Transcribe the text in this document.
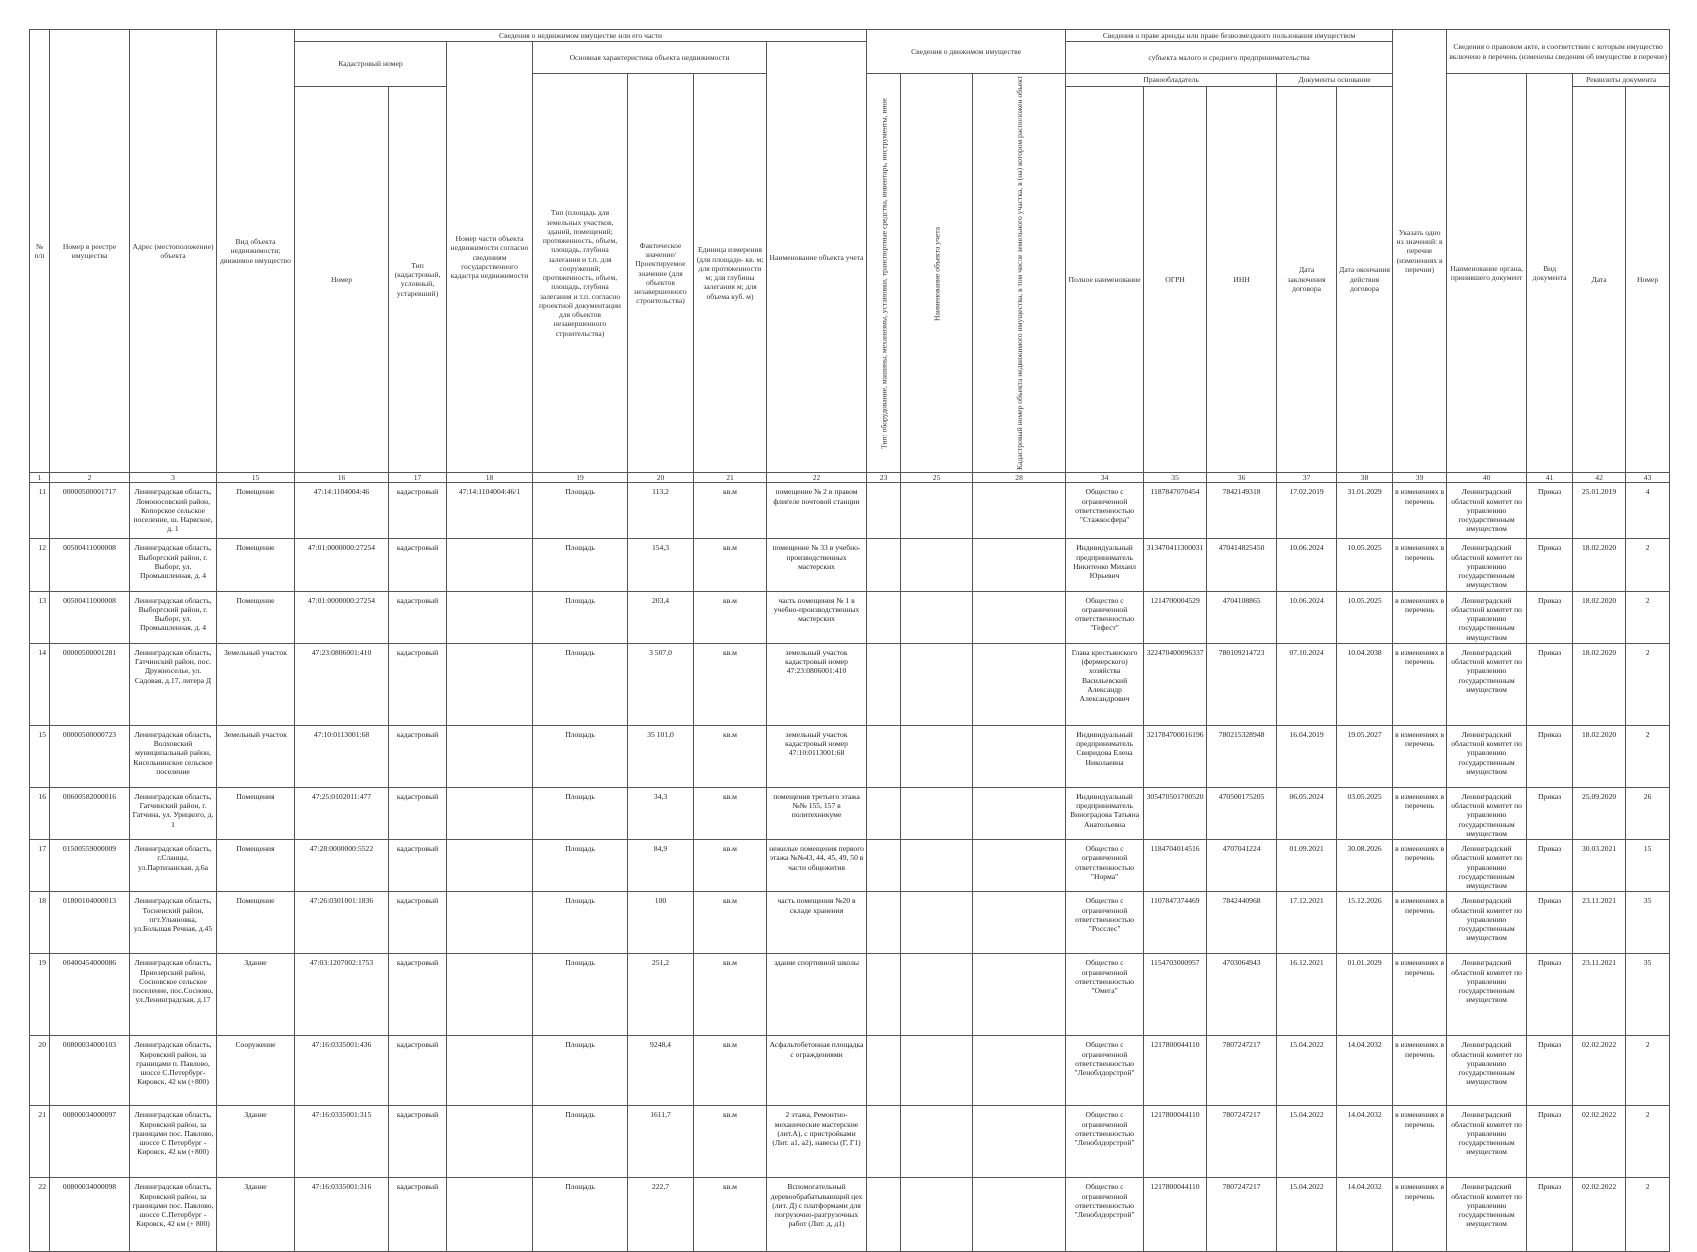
№ п/п	Номер в реестре имущества	Адрес (местоположение) объекта	Вид объекта недвижимости; движимое имущество	Сведения о недвижимом имуществе или его части							Сведения о движимом имуществе			Сведения о праве аренды или праве безвозмездного пользования имуществом					Указать одно из значений: в перечне (изменениях в перечни)	Сведения о правовом акте, в соответствии с которым имущество включено в перечень (изменены сведения об имуществе в перечне)			
				Кадастровый номер		Номер части объекта недвижимости согласно сведениям государственного кадастра недвижимости	Основная характеристика объекта недвижимости			Наименование объекта учета				субъекта малого и среднего предпринимательства									
							Тип (площадь для земельных участков, зданий, помещений; протяженность, объем, площадь, глубина залегания и т.п. для сооружений; протяженность, объем, площадь, глубина залегания и т.п. согласно проектной документации для объектов незавершенного строительства)	Фактическое значение/ Проектируемое значение (для объектов незавершенного строительства)	Единица измерения (для площади- кв. м; для протяженности м; для глубины залегания м; для объема куб. м)		Тип: оборудование, машины, механизмы, установки, транспортные средства, инвентарь, инструменты, иное	Наименование объекта учета	Кадастровый номер объекта недвижимого имущества, в том числе земельного участка, в (на) котором расположен объект	Правообладатель			Документы основание			Наименование органа, принявшего документ	Вид документа	Реквизиты документа	
				Номер	Тип (кадастровый, условный, устаревший)									Полное наименование	ОГРН	ИНН	Дата заключения договора	Дата окончания действия договора				Дата	Номер

1	2	3	15	16	17	18	19	20	21	22	23	25	28	34	35	36	37	38	39	40	41	42	43
11	00000500001717	Ленинградская область, Ломоносовский район, Копорское сельское поселение, ш. Нарвское, д. 1	Помещение	47:14:1104004:46	кадастровый	47:14:1104004:46/1	Площадь	113,2	кв.м	помещение № 2 в правом флигеле почтовой станции				Общество с ограниченной ответственностью "Стажкосфера"	1187847070454	7842149318	17.02.2019	31.01.2029	в изменениях в перечень	Ленинградский областной комитет по управлению государственным имуществом	Приказ	25.01.2019	4
12	00500411000008	Ленинградская область, Выборгский район, г. Выборг, ул. Промышленная, д. 4	Помещение	47:01:0000000:27254	кадастровый		Площадь	154,3	кв.м	помещение № 33 в учебно-производственных мастерских				Индивидуальный предприниматель Никитенко Михаил Юрьевич	313470411300031	470414825450	10.06.2024	10.05.2025	в изменениях в перечень	Ленинградский областной комитет по управлению государственным имуществом	Приказ	18.02.2020	2
13	00500411000008	Ленинградская область, Выборгский район, г. Выборг, ул. Промышленная, д. 4	Помещение	47:01:0000000:27254	кадастровый		Площадь	203,4	кв.м	часть помещения № 1 в учебно-производственных мастерских				Общество с ограниченной ответственностью "Гефест"	1214700004529	4704108865	10.06.2024	10.05.2025	в изменениях в перечень	Ленинградский областной комитет по управлению государственным имуществом	Приказ	18.02.2020	2
14	00000500001281	Ленинградская область, Гатчинский район, пос. Дружноселье, ул. Садовая, д.17, литера Д	Земельный участок	47:23:0806001:410	кадастровый		Площадь	3 507,0	кв.м	земельный участок кадастровый номер 47:23:0806001:410				Глава крестьянского (фермерского) хозяйства Васильевский Александр Александрович	322470400096337	780109214723	07.10.2024	10.04.2038	в изменениях в перечень	Ленинградский областной комитет по управлению государственным имуществом	Приказ	18.02.2020	2
15	00000500000723	Ленинградская область, Волховский муниципальный район, Кисельнинское сельское поселение	Земельный участок	47:10:0113001:68	кадастровый		Площадь	35 101,0	кв.м	земельный участок кадастровый номер 47:10:0113001:68				Индивидуальный предприниматель Свиридова Елена Николаевна	321784700016196	780215328948	16.04.2019	19.05.2027	в изменениях в перечень	Ленинградский областной комитет по управлению государственным имуществом	Приказ	18.02.2020	2
16	00600582000016	Ленинградская область, Гатчинский район, г. Гатчина, ул. Урицкого, д. 1	Помещения	47:25:0102011:477	кадастровый		Площадь	34,3	кв.м	помещения третьего этажа №№ 155, 157 в политехникуме				Индивидуальный предприниматель Виноградова Татьяна Анатольевна	305470501700520	470500175205	06.05.2024	03.05.2025	в изменениях в перечень	Ленинградский областной комитет по управлению государственным имуществом	Приказ	25.09.2020	26
17	01500559000009	Ленинградская область, г.Сланцы, ул.Партизанская, д.6а	Помещения	47:28:0000000:5522	кадастровый		Площадь	84,9	кв.м	нежилые помещения первого этажа №№43, 44, 45, 49, 50 в части общежития				Общество с ограниченной ответственностью "Норма"	1184704014516	4707041224	01.09.2021	30.08.2026	в изменениях в перечень	Ленинградский областной комитет по управлению государственным имуществом	Приказ	30.03.2021	15
18	01800104000013	Ленинградская область, Тосненский район, пгт.Ульяновка, ул.Большая Речная, д.45	Помещение	47:26:0301001:1836	кадастровый		Площадь	100	кв.м	часть помещения №20 в складе хранения				Общество с ограниченной ответственностью "Росслес"	1107847374469	7842440968	17.12.2021	15.12.2026	в изменениях в перечень	Ленинградский областной комитет по управлению государственным имуществом	Приказ	23.11.2021	35
19	00400454000086	Ленинградская область, Приозерский район, Сосновское сельское поселение, пос.Сосново, ул.Ленинградская, д.17	Здание	47:03:1207002:1753	кадастровый		Площадь	251,2	кв.м	здание спортивной школы				Общество с ограниченной ответственностью "Омега"	1154703000957	4703064943	16.12.2021	01.01.2029	в изменениях в перечень	Ленинградский областной комитет по управлению государственным имуществом	Приказ	23.11.2021	35
20	00800034000103	Ленинградская область, Кировский район, за границами п. Павлово, шоссе С.Петербург-Кировск, 42 км (+800)	Сооружение	47:16:0335001:436	кадастровый		Площадь	9248,4	кв.м	Асфальтобетонная площадка с ограждениями				Общество с ограниченной ответственностью "Леноблдорстрой"	1217800044110	7807247217	15.04.2022	14.04.2032	в изменениях в перечень	Ленинградский областной комитет по управлению государственным имуществом	Приказ	02.02.2022	2
21	00800034000097	Ленинградская область, Кировский район, за границами пос. Павлово, шоссе С Петербург - Кировск, 42 км (+800)	Здание	47:16:0335001:315	кадастровый		Площадь	1611,7	кв.м	2 этажа, Ремонтно-механические мастерские (лит.А), с пристройками (Лит. а1, а2), навесы (Г, Г1)				Общество с ограниченной ответственностью "Леноблдорстрой"	1217800044110	7807247217	15.04.2022	14.04.2032	в изменениях в перечень	Ленинградский областной комитет по управлению государственным имуществом	Приказ	02.02.2022	2
22	00800034000098	Ленинградская область, Кировский район, за границами пос. Павлово, шоссе С.Петербург - Кировск, 42 км (+ 800)	Здание	47:16:0335001:316	кадастровый		Площадь	222,7	кв.м	Вспомогательный деревообрабатывающий цех (лит. Д) с платформами для погрузочно-разгрузочных работ (Лит. д, д1)				Общество с ограниченной ответственностью "Леноблдорстрой"	1217800044110	7807247217	15.04.2022	14.04.2032	в изменениях в перечень	Ленинградский областной комитет по управлению государственным имуществом	Приказ	02.02.2022	2
